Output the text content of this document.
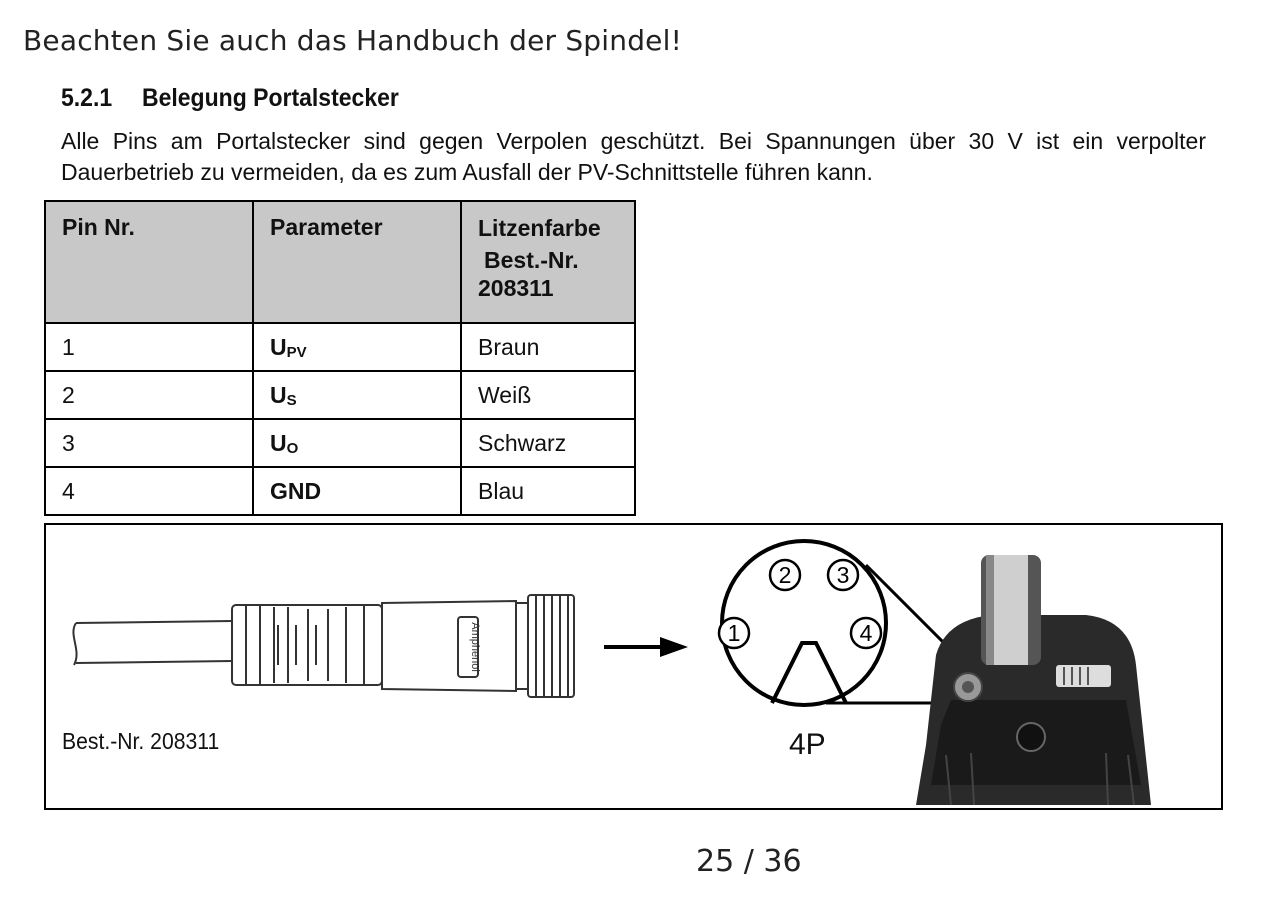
Beachten Sie auch das Handbuch der Spindel!
5.2.1 Belegung Portalstecker
Alle Pins am Portalstecker sind gegen Verpolen geschützt. Bei Spannungen über 30 V ist ein verpolter Dauerbetrieb zu vermeiden, da es zum Ausfall der PV-Schnittstelle führen kann.
Pin Nr.	Parameter	Litzenfarbe
Best.-Nr.
208311

1	$U_{PV}$	Braun
2	$U_S$	Weiß
3	$U_O$	Schwarz
4	GND	Blau
Amphenol	1
2 3
4
Best.-Nr. 208311	4P
25 / 36
